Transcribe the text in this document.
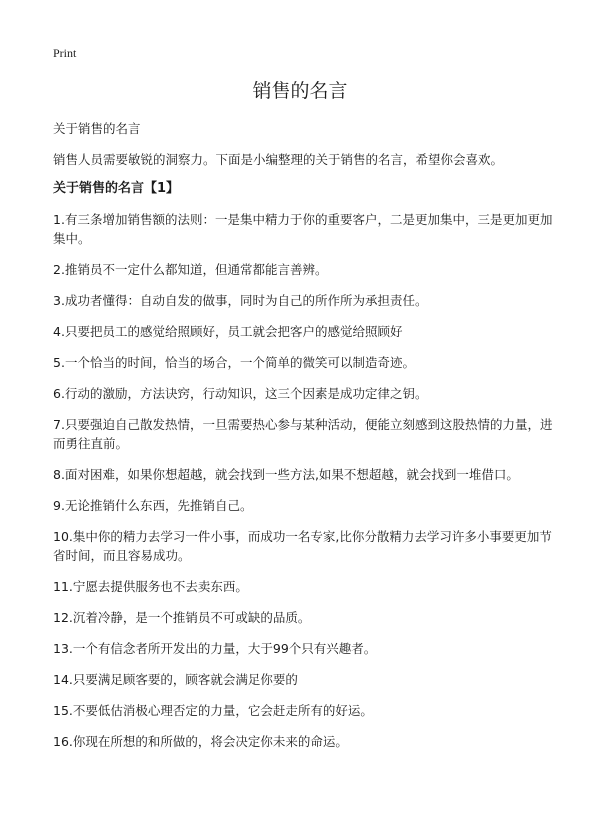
Print
销售的名言

关于销售的名言

销售人员需要敏锐的洞察力。下面是小编整理的关于销售的名言，希望你会喜欢。

关于销售的名言【1】

1.有三条增加销售额的法则：一是集中精力于你的重要客户，二是更加集中，三是更加更加集中。

2.推销员不一定什么都知道，但通常都能言善辨。

3.成功者懂得：自动自发的做事，同时为自己的所作所为承担责任。

4.只要把员工的感觉给照顾好，员工就会把客户的感觉给照顾好

5.一个恰当的时间，恰当的场合，一个简单的微笑可以制造奇迹。

6.行动的激励，方法诀窍，行动知识，这三个因素是成功定律之钥。

7.只要强迫自己散发热情，一旦需要热心参与某种活动，便能立刻感到这股热情的力量，进而勇往直前。

8.面对困难，如果你想超越，就会找到一些方法,如果不想超越，就会找到一堆借口。

9.无论推销什么东西，先推销自己。

10.集中你的精力去学习一件小事，而成功一名专家,比你分散精力去学习许多小事要更加节省时间，而且容易成功。

11.宁愿去提供服务也不去卖东西。

12.沉着冷静，是一个推销员不可或缺的品质。

13.一个有信念者所开发出的力量，大于99个只有兴趣者。

14.只要满足顾客要的，顾客就会满足你要的

15.不要低估消极心理否定的力量，它会赶走所有的好运。

16.你现在所想的和所做的，将会决定你未来的命运。
